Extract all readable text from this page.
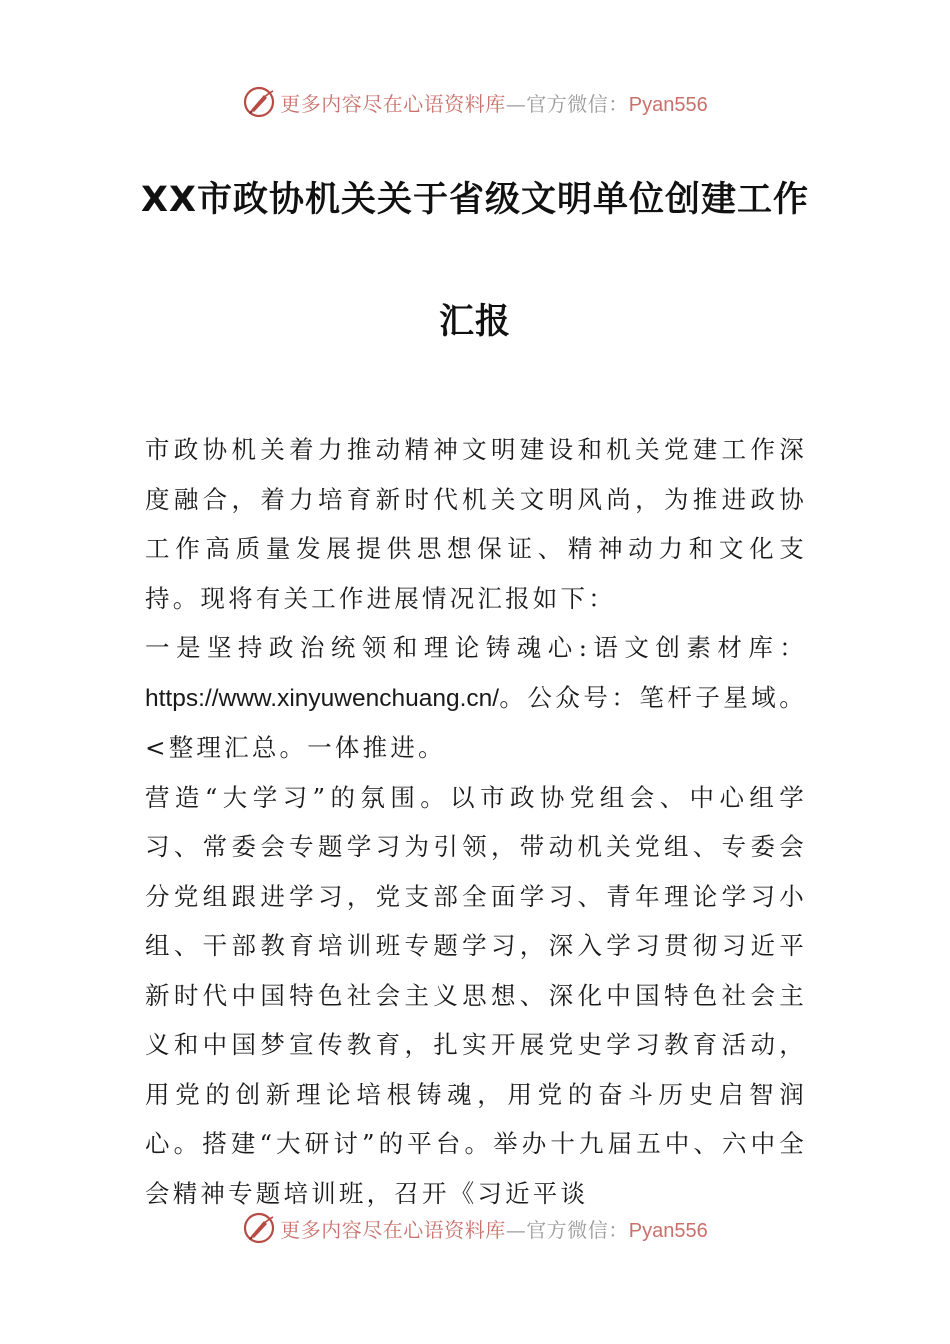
更多内容尽在心语资料库—官方微信：Pyan556
XX市政协机关关于省级文明单位创建工作
汇报

市政协机关着力推动精神文明建设和机关党建工作深度融合，着力培育新时代机关文明风尚，为推进政协工作高质量发展提供思想保证、精神动力和文化支持。现将有关工作进展情况汇报如下：

一是坚持政治统领和理论铸魂心:语文创素材库：https://www.xinyuwenchuang.cn/。公众号：笔杆子星域。<整理汇总。一体推进。

营造“大学习”的氛围。以市政协党组会、中心组学习、常委会专题学习为引领，带动机关党组、专委会分党组跟进学习，党支部全面学习、青年理论学习小组、干部教育培训班专题学习，深入学习贯彻习近平新时代中国特色社会主义思想、深化中国特色社会主义和中国梦宣传教育，扎实开展党史学习教育活动，用党的创新理论培根铸魂，用党的奋斗历史启智润心。搭建“大研讨”的平台。举办十九届五中、六中全会精神专题培训班，召开《习近平谈

更多内容尽在心语资料库—官方微信：Pyan556
